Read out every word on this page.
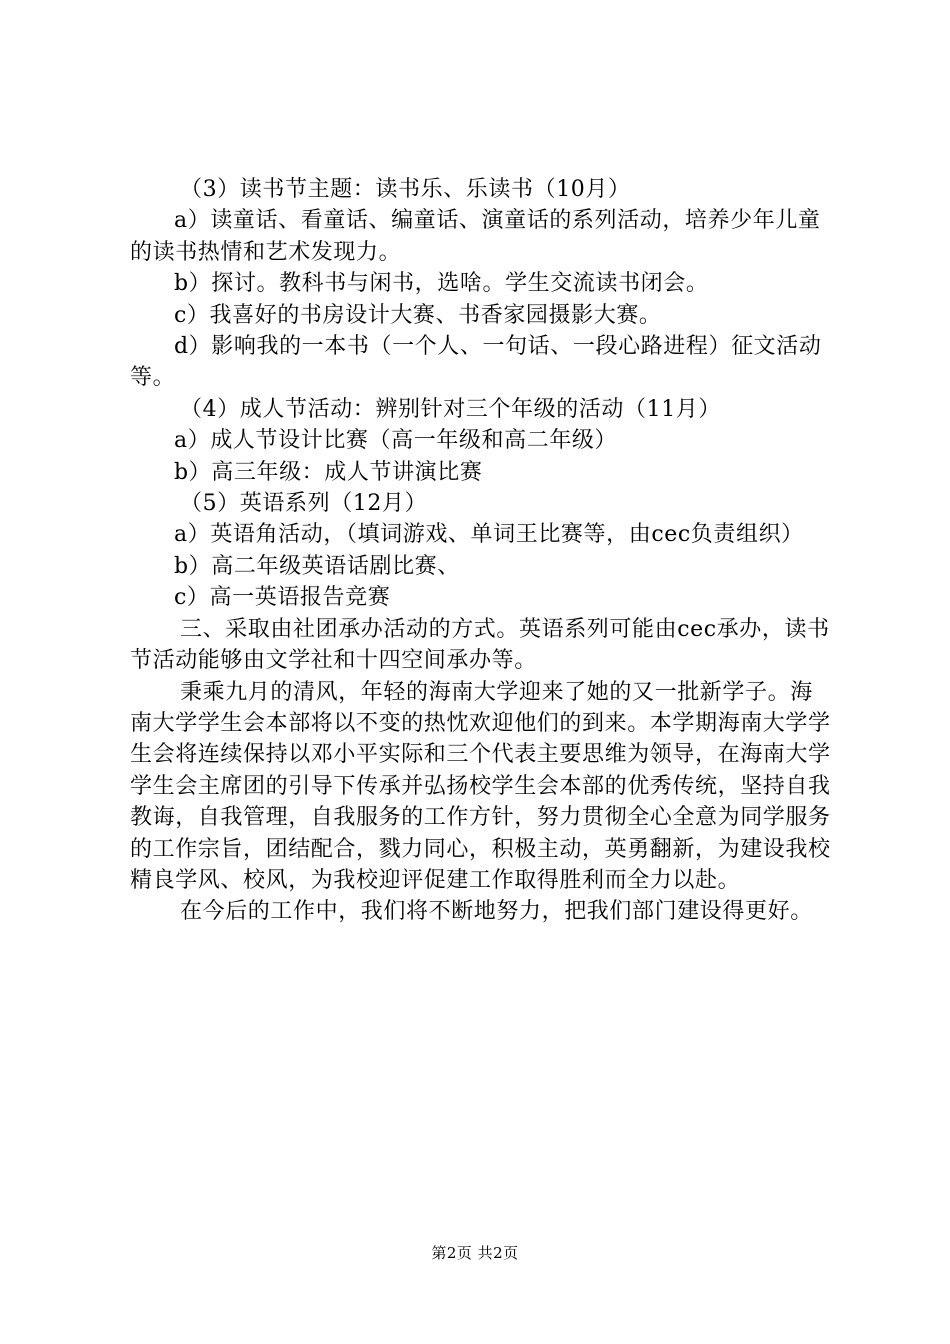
（3）读书节主题：读书乐、乐读书（10月）

a）读童话、看童话、编童话、演童话的系列活动，培养少年儿童的读书热情和艺术发现力。

b）探讨。教科书与闲书，选啥。学生交流读书闭会。

c）我喜好的书房设计大赛、书香家园摄影大赛。

d）影响我的一本书（一个人、一句话、一段心路进程）征文活动等。

（4）成人节活动：辨别针对三个年级的活动（11月）

a）成人节设计比赛（高一年级和高二年级）

b）高三年级：成人节讲演比赛

（5）英语系列（12月）

a）英语角活动，（填词游戏、单词王比赛等，由cec负责组织）

b）高二年级英语话剧比赛、

c）高一英语报告竞赛

三、采取由社团承办活动的方式。英语系列可能由cec承办，读书节活动能够由文学社和十四空间承办等。

秉乘九月的清风，年轻的海南大学迎来了她的又一批新学子。海南大学学生会本部将以不变的热忱欢迎他们的到来。本学期海南大学学生会将连续保持以邓小平实际和三个代表主要思维为领导，在海南大学学生会主席团的引导下传承并弘扬校学生会本部的优秀传统，坚持自我教诲，自我管理，自我服务的工作方针，努力贯彻全心全意为同学服务的工作宗旨，团结配合，戮力同心，积极主动，英勇翻新，为建设我校精良学风、校风，为我校迎评促建工作取得胜利而全力以赴。

在今后的工作中，我们将不断地努力，把我们部门建设得更好。

第2页 共2页
